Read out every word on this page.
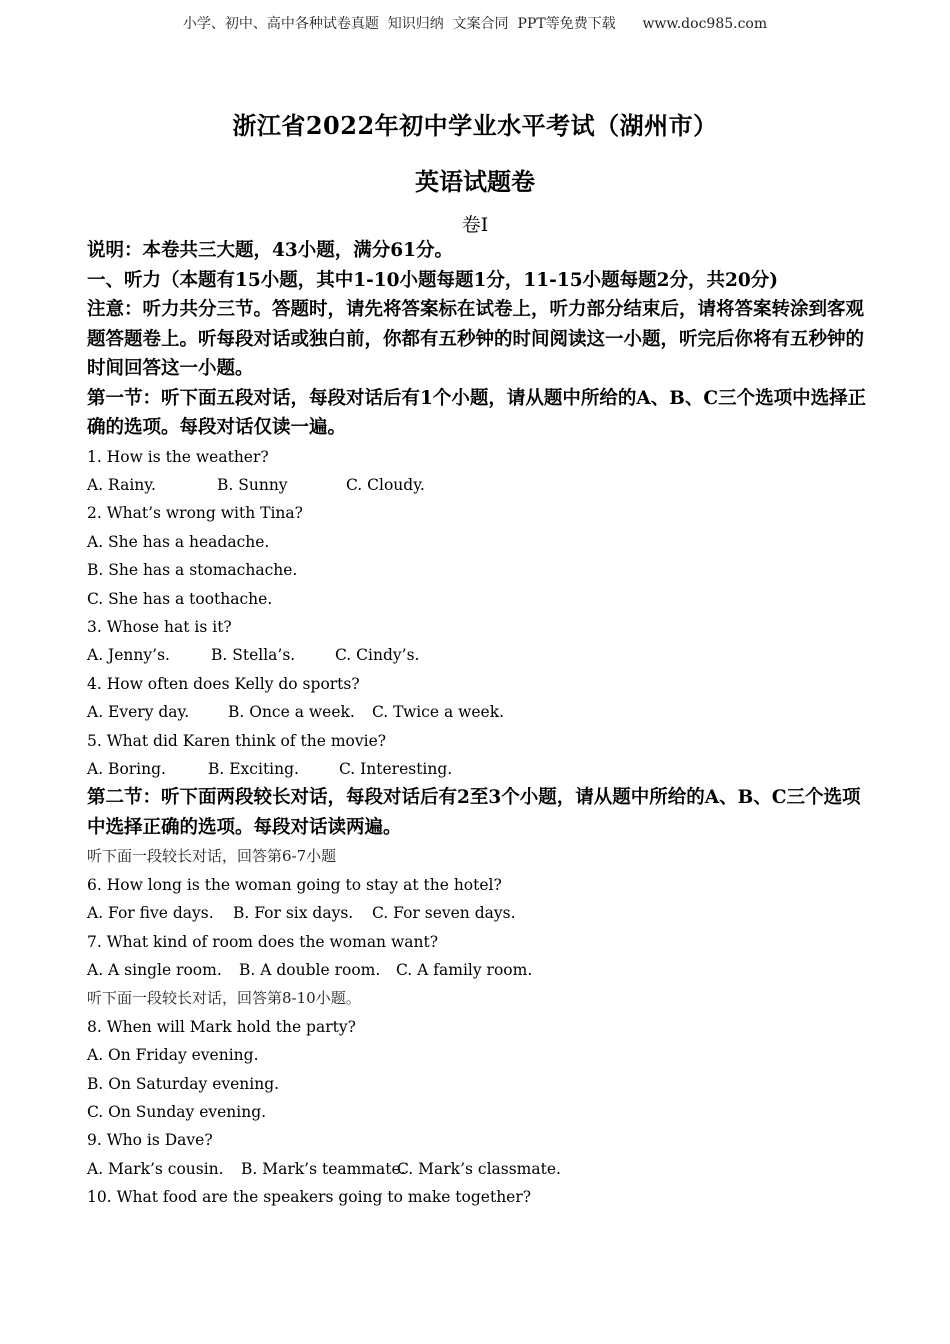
小学、初中、高中各种试卷真题  知识归纳  文案合同  PPT等免费下载      www.doc985.com
浙江省2022年初中学业水平考试（湖州市）
英语试题卷
卷Ⅰ
说明：本卷共三大题，43小题，满分61分。
一、听力（本题有15小题，其中1-10小题每题1分，11-15小题每题2分，共20分)
注意：听力共分三节。答题时，请先将答案标在试卷上，听力部分结束后，请将答案转涂到客观题答题卷上。听每段对话或独白前，你都有五秒钟的时间阅读这一小题，听完后你将有五秒钟的时间回答这一小题。
第一节：听下面五段对话，每段对话后有1个小题，请从题中所给的A、B、C三个选项中选择正确的选项。每段对话仅读一遍。
1. How is the weather?
A. Rainy.	B. Sunny	C. Cloudy.
2. What’s wrong with Tina?
A. She has a headache.
B. She has a stomachache.
C. She has a toothache.
3. Whose hat is it?
A. Jenny’s.	B. Stella’s.	C. Cindy’s.
4. How often does Kelly do sports?
A. Every day.	B. Once a week. C. Twice a week.
5. What did Karen think of the movie?
A. Boring.	B. Exciting.	C. Interesting.
第二节：听下面两段较长对话，每段对话后有2至3个小题，请从题中所给的A、B、C三个选项中选择正确的选项。每段对话读两遍。
听下面一段较长对话，回答第6-7小题
6. How long is the woman going to stay at the hotel?
A. For five days. B. For six days. C. For seven days.
7. What kind of room does the woman want?
A. A single room. B. A double room. C. A family room.
听下面一段较长对话，回答第8-10小题。
8. When will Mark hold the party?
A. On Friday evening.
B. On Saturday evening.
C. On Sunday evening.
9. Who is Dave?
A. Mark’s cousin. B. Mark’s teammate.C. Mark’s classmate.
10. What food are the speakers going to make together?
